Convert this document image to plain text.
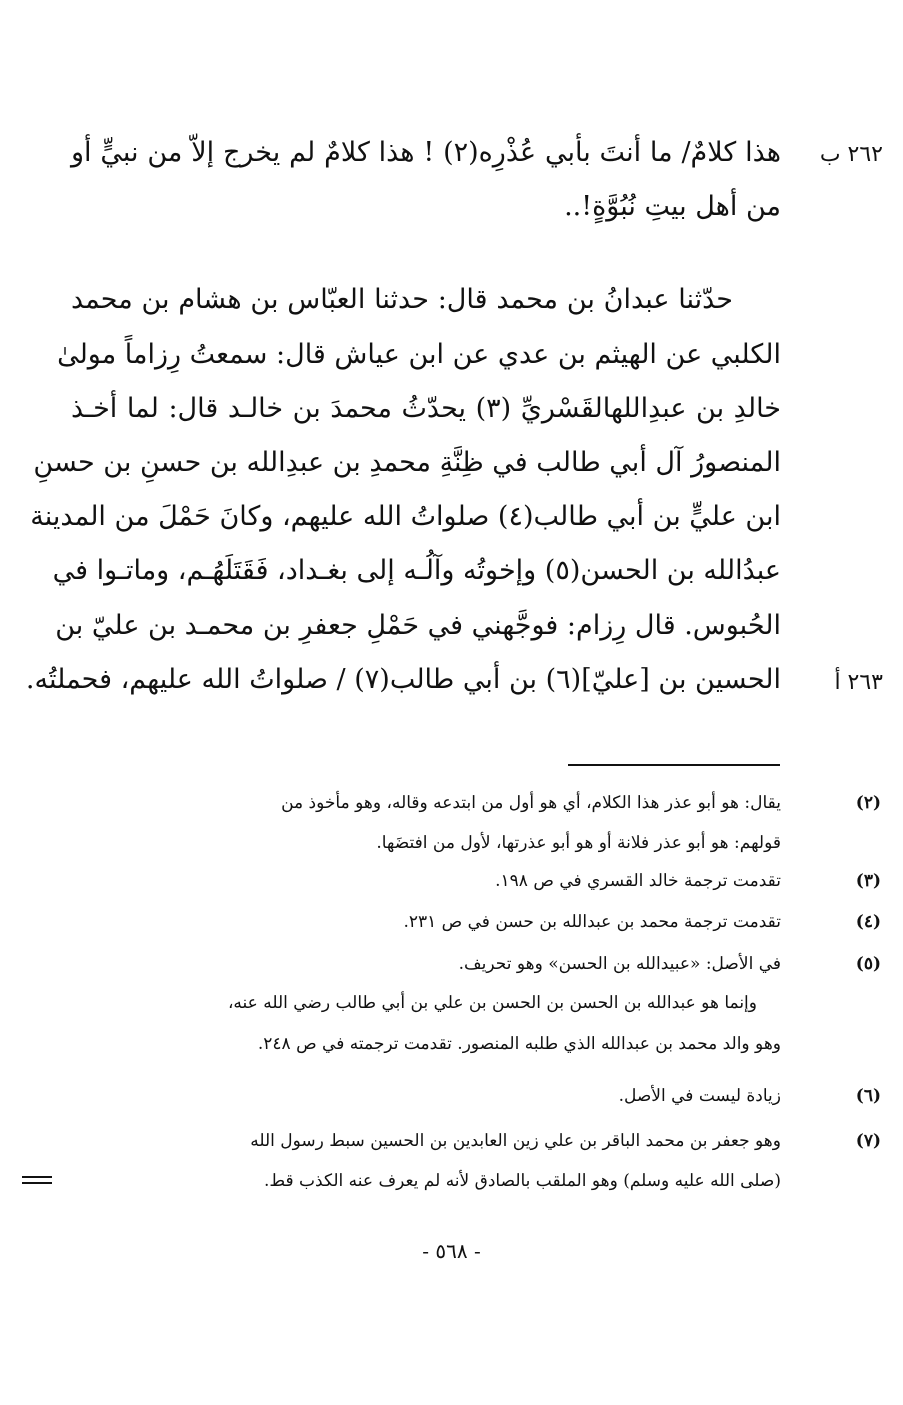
٢٦٢ ب
٢٦٣ أ
هذا كلامٌ/ ما أنتَ بأبي عُذْرِه(٢) ! هذا كلامٌ لم يخرج إلاّ من نبيٍّ أو
من أهل بيتِ نُبُوَّةٍ!..
حدّثنا عبدانُ بن محمد قال: حدثنا العبّاس بن هشام بن محمد
الكلبي عن الهيثم بن عدي عن ابن عياش قال: سمعتُ رِزاماً مولىٰ
خالدِ بن عبدِاللهالقَسْريِّ (٣) يحدّثُ محمدَ بن خالـد قال: لما أخـذ
المنصورُ آل أبي طالب في ظِنَّةِ محمدِ بن عبدِالله بن حسنِ بن حسنِ
ابن عليٍّ بن أبي طالب(٤) صلواتُ الله عليهم، وكانَ حَمْلَ من المدينة
عبدُالله بن الحسن(٥) وإخوتُه وآلُـه إلى بغـداد، فَقَتَلَهُـم، وماتـوا في
الحُبوس. قال رِزام: فوجَّهني في حَمْلِ جعفرِ بن محمـد بن عليّ بن
الحسين بن [عليّ](٦) بن أبي طالب(٧) / صلواتُ الله عليهم، فحملتُه.
(٢)
يقال: هو أبو عذر هذا الكلام، أي هو أول من ابتدعه وقاله، وهو مأخوذ من
قولهم: هو أبو عذر فلانة أو هو أبو عذرتها، لأول من افتضَها.
(٣)
تقدمت ترجمة خالد القسري في ص ١٩٨.
(٤)
تقدمت ترجمة محمد بن عبدالله بن حسن في ص ٢٣١.
(٥)
في الأصل: «عبيدالله بن الحسن» وهو تحريف.
وإنما هو عبدالله بن الحسن بن الحسن بن علي بن أبي طالب رضي الله عنه،
وهو والد محمد بن عبدالله الذي طلبه المنصور. تقدمت ترجمته في ص ٢٤٨.
(٦)
زيادة ليست في الأصل.
(٧)
وهو جعفر بن محمد الباقر بن علي زين العابدين بن الحسين سبط رسول الله
(صلى الله عليه وسلم) وهو الملقب بالصادق لأنه لم يعرف عنه الكذب قط.
- ٥٦٨ -
